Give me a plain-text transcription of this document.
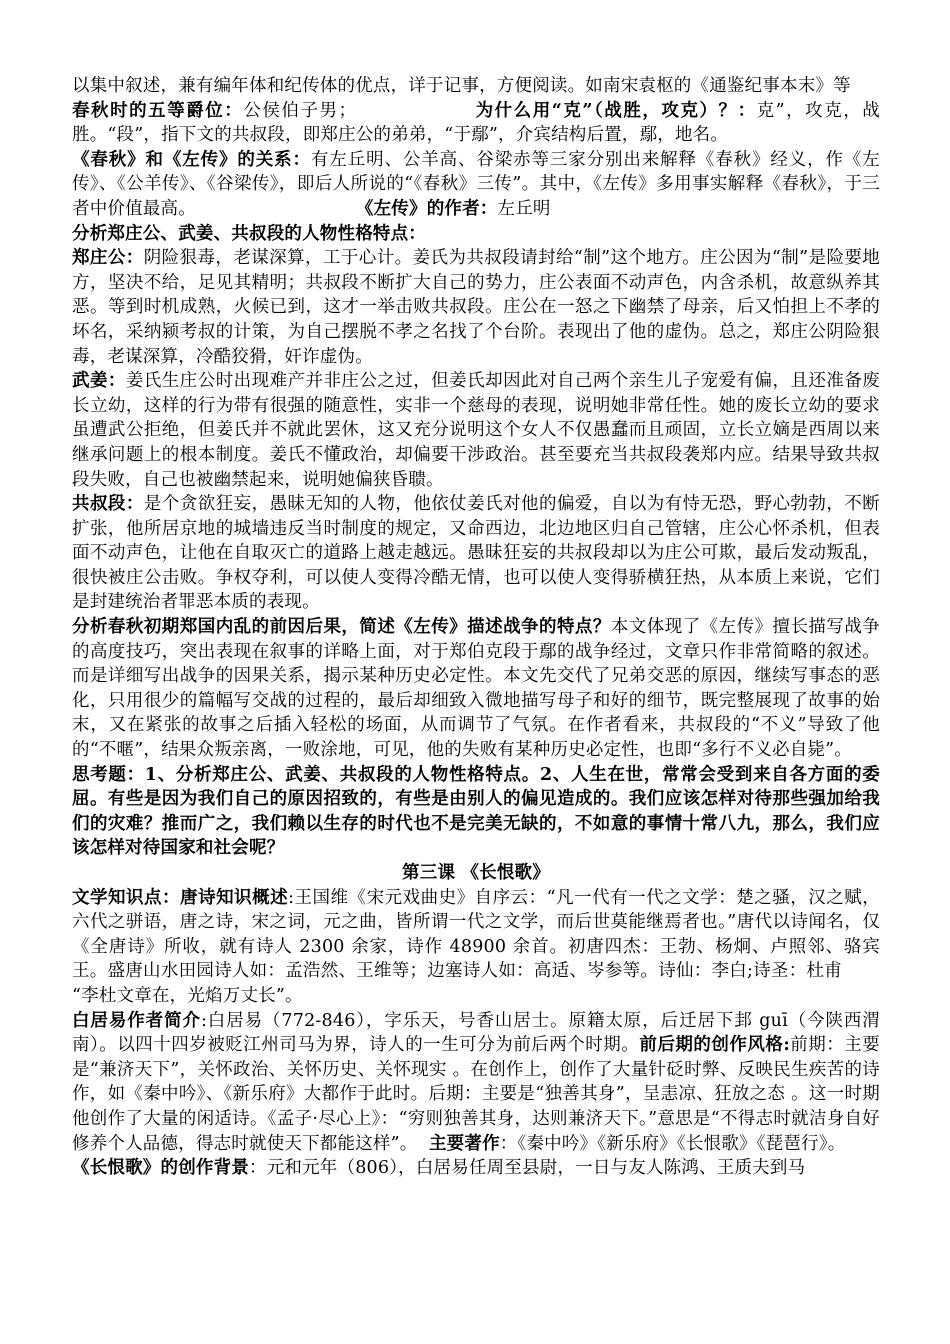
以集中叙述，兼有编年体和纪传体的优点，详于记事，方便阅读。如南宋袁枢的《通鉴纪事本末》等

春秋时的五等爵位：公侯伯子男；	为什么用“克”（战胜，攻克）？：克”，攻克，战胜。“段”，指下文的共叔段，即郑庄公的弟弟，“于鄢”，介宾结构后置，鄢，地名。

《春秋》和《左传》的关系：有左丘明、公羊高、谷梁赤等三家分别出来解释《春秋》经义，作《左传》、《公羊传》、《谷梁传》，即后人所说的“《春秋》三传”。其中，《左传》多用事实解释《春秋》，于三者中价值最高。	《左传》的作者：左丘明

分析郑庄公、武姜、共叔段的人物性格特点：

郑庄公：阴险狠毒，老谋深算，工于心计。姜氏为共叔段请封给“制”这个地方。庄公因为“制”是险要地方，坚决不给，足见其精明；共叔段不断扩大自己的势力，庄公表面不动声色，内含杀机，故意纵养其恶。等到时机成熟，火候已到，这才一举击败共叔段。庄公在一怒之下幽禁了母亲，后又怕担上不孝的坏名，采纳颍考叔的计策，为自己摆脱不孝之名找了个台阶。表现出了他的虚伪。总之，郑庄公阴险狠毒，老谋深算，冷酷狡猾，奸诈虚伪。

武姜：姜氏生庄公时出现难产并非庄公之过，但姜氏却因此对自己两个亲生儿子宠爱有偏，且还准备废长立幼，这样的行为带有很强的随意性，实非一个慈母的表现，说明她非常任性。她的废长立幼的要求虽遭武公拒绝，但姜氏并不就此罢休，这又充分说明这个女人不仅愚蠢而且顽固，立长立嫡是西周以来继承问题上的根本制度。姜氏不懂政治，却偏要干涉政治。甚至要充当共叔段袭郑内应。结果导致共叔段失败，自己也被幽禁起来，说明她偏狭昏聩。

共叔段：是个贪欲狂妄，愚昧无知的人物，他依仗姜氏对他的偏爱，自以为有恃无恐，野心勃勃，不断扩张，他所居京地的城墙违反当时制度的规定，又命西边，北边地区归自己管辖，庄公心怀杀机，但表面不动声色，让他在自取灭亡的道路上越走越远。愚昧狂妄的共叔段却以为庄公可欺，最后发动叛乱，很快被庄公击败。争权夺利，可以使人变得冷酷无情，也可以使人变得骄横狂热，从本质上来说，它们是封建统治者罪恶本质的表现。

分析春秋初期郑国内乱的前因后果，简述《左传》描述战争的特点？本文体现了《左传》擅长描写战争的高度技巧，突出表现在叙事的详略上面，对于郑伯克段于鄢的战争经过，文章只作非常简略的叙述。而是详细写出战争的因果关系，揭示某种历史必定性。本文先交代了兄弟交恶的原因，继续写事态的恶化，只用很少的篇幅写交战的过程的，最后却细致入微地描写母子和好的细节，既完整展现了故事的始末，又在紧张的故事之后插入轻松的场面，从而调节了气氛。在作者看来，共叔段的“不义”导致了他的“不暱”，结果众叛亲离，一败涂地，可见，他的失败有某种历史必定性，也即“多行不义必自毙”。

思考题：1、分析郑庄公、武姜、共叔段的人物性格特点。2、人生在世，常常会受到来自各方面的委屈。有些是因为我们自己的原因招致的，有些是由别人的偏见造成的。我们应该怎样对待那些强加给我们的灾难？推而广之，我们赖以生存的时代也不是完美无缺的，不如意的事情十常八九，那么，我们应该怎样对待国家和社会呢？

第三课 《长恨歌》

文学知识点：唐诗知识概述:王国维《宋元戏曲史》自序云：“凡一代有一代之文学：楚之骚，汉之赋，六代之骈语，唐之诗，宋之词，元之曲，皆所谓一代之文学，而后世莫能继焉者也。”唐代以诗闻名，仅《全唐诗》所收，就有诗人 2300 余家，诗作 48900 余首。初唐四杰：王勃、杨炯、卢照邻、骆宾王。盛唐山水田园诗人如：孟浩然、王维等；边塞诗人如：高适、岑参等。诗仙：李白;诗圣：杜甫“李杜文章在，光焰万丈长”。

白居易作者简介:白居易（772-846），字乐天，号香山居士。原籍太原，后迁居下邽 guī（今陕西渭南）。以四十四岁被贬江州司马为界，诗人的一生可分为前后两个时期。前后期的创作风格:前期：主要是“兼济天下”，关怀政治、关怀历史、关怀现实 。在创作上，创作了大量针砭时弊、反映民生疾苦的诗作，如《秦中吟》、《新乐府》大都作于此时。后期：主要是“独善其身”，呈恚凉、狂放之态 。这一时期他创作了大量的闲适诗。《孟子·尽心上》：“穷则独善其身，达则兼济天下。”意思是“不得志时就洁身自好修养个人品德，得志时就使天下都能这样”。 主要著作：《秦中吟》《新乐府》《长恨歌》《琵琶行》。

《长恨歌》的创作背景：元和元年（806），白居易任周至县尉，一日与友人陈鸿、王质夫到马
